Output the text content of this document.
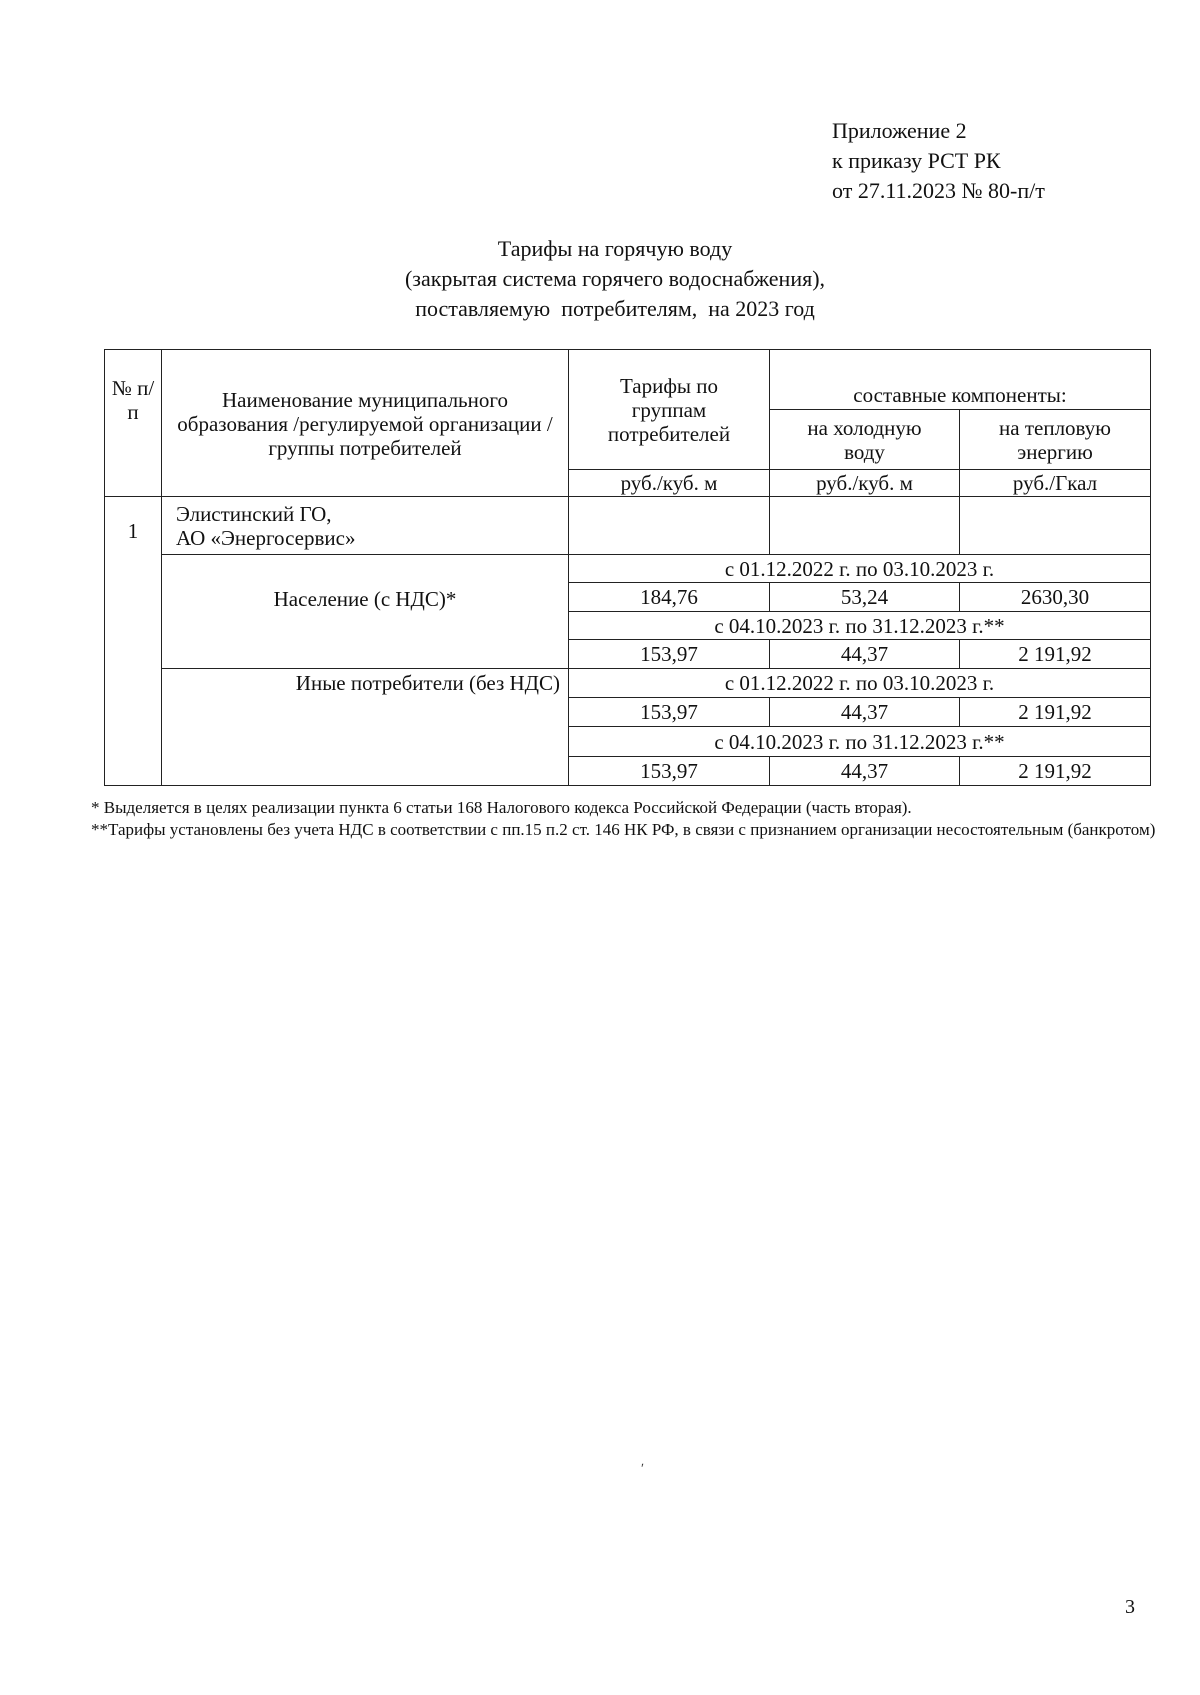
Приложение 2
к приказу РСТ РК
от 27.11.2023 № 80-п/т
Тарифы на горячую воду
(закрытая система горячего водоснабжения),
поставляемую  потребителям,  на 2023 год
№ п/п	Наименование муниципального образования /регулируемой организации / группы потребителей	Тарифы по группам потребителей	составные компоненты:	
			на холодную воду	на тепловую энергию
		руб./куб. м	руб./куб. м	руб./Гкал
1	Элистинский ГО,
АО «Энергосервис»			

	Население (с НДС)*	с 01.12.2022 г. по 03.10.2023 г.		
		184,76	53,24	2630,30
		с 04.10.2023 г. по 31.12.2023 г.**		
		153,97	44,37	2 191,92
	Иные потребители (без НДС)	с 01.12.2022 г. по 03.10.2023 г.		
		153,97	44,37	2 191,92
		с 04.10.2023 г. по 31.12.2023 г.**		
		153,97	44,37	2 191,92
* Выделяется в целях реализации пункта 6 статьи 168 Налогового кодекса Российской Федерации (часть вторая).
**Тарифы установлены без учета НДС в соответствии с пп.15 п.2 ст. 146 НК РФ, в связи с признанием организации несостоятельным (банкротом)
ʹ
3
